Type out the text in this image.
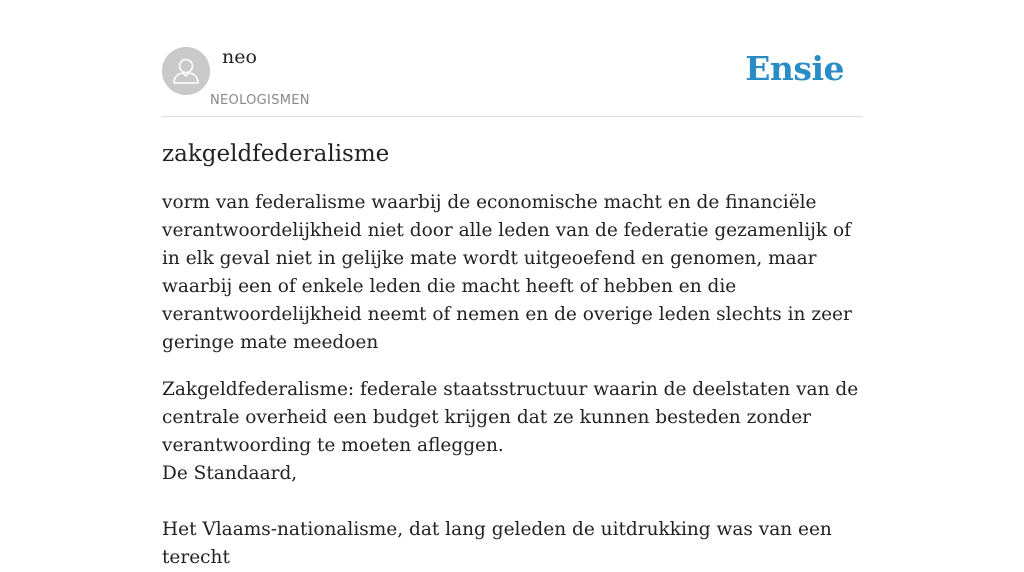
neo
NEOLOGISMEN
Ensie
zakgeldfederalisme

vorm van federalisme waarbij de economische macht en de financiële verantwoordelijkheid niet door alle leden van de federatie gezamenlijk of in elk geval niet in gelijke mate wordt uitgeoefend en genomen, maar waarbij een of enkele leden die macht heeft of hebben en die verantwoordelijkheid neemt of nemen en de overige leden slechts in zeer geringe mate meedoen

Zakgeldfederalisme: federale staatsstructuur waarin de deelstaten van de centrale overheid een budget krijgen dat ze kunnen besteden zonder verantwoording te moeten afleggen.
De Standaard,

Het Vlaams-nationalisme, dat lang geleden de uitdrukking was van een terecht
